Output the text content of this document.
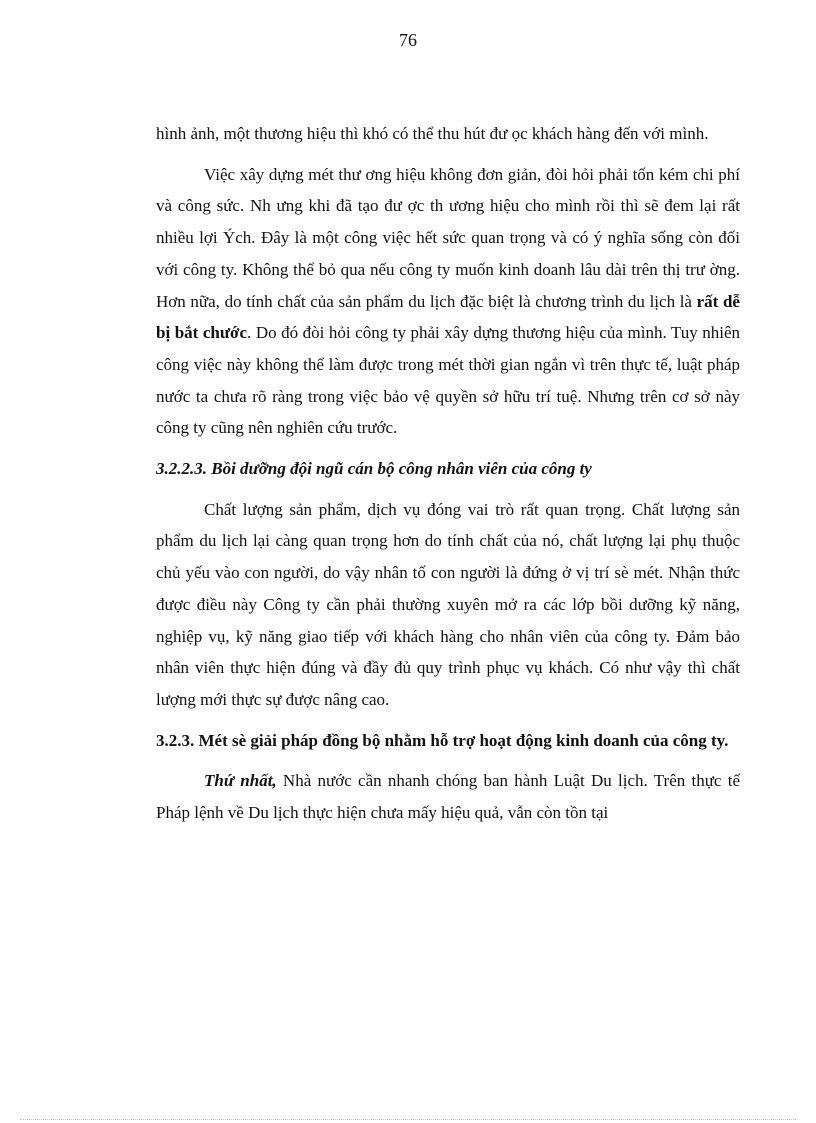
76

hình ảnh, một thương hiệu thì khó có thể thu hút đư ọc khách hàng đến với mình.

Việc xây dựng mét thư ơng hiệu không đơn giản, đòi hỏi phải tốn kém chi phí và công sức. Nh ưng khi đã tạo đư ợc th ương hiệu cho mình rồi thì sẽ đem lại rất nhiều lợi Ých. Đây là một công việc hết sức quan trọng và có ý nghĩa sống còn đối với công ty. Không thể bỏ qua nếu công ty muốn kinh doanh lâu dài trên thị trư ờng. Hơn nữa, do tính chất của sản phẩm du lịch đặc biệt là chương trình du lịch là rất dễ bị bắt chước. Do đó đòi hỏi công ty phải xây dựng thương hiệu của mình. Tuy nhiên công việc này không thể làm được trong mét thời gian ngắn vì trên thực tế, luật pháp nước ta chưa rõ ràng trong việc bảo vệ quyền sở hữu trí tuệ. Nhưng trên cơ sở này công ty cũng nên nghiên cứu trước.

3.2.2.3. Bồi dưỡng đội ngũ cán bộ công nhân viên của công ty

Chất lượng sản phẩm, dịch vụ đóng vai trò rất quan trọng. Chất lượng sản phẩm du lịch lại càng quan trọng hơn do tính chất của nó, chất lượng lại phụ thuộc chủ yếu vào con người, do vậy nhân tố con người là đứng ở vị trí sè mét. Nhận thức được điều này Công ty cần phải thường xuyên mở ra các lớp bồi dưỡng kỹ năng, nghiệp vụ, kỹ năng giao tiếp với khách hàng cho nhân viên của công ty. Đảm bảo nhân viên thực hiện đúng và đầy đủ quy trình phục vụ khách. Có như vậy thì chất lượng mới thực sự được nâng cao.

3.2.3. Mét sè giải pháp đồng bộ nhằm hỗ trợ hoạt động kinh doanh của công ty.

Thứ nhất, Nhà nước cần nhanh chóng ban hành Luật Du lịch. Trên thực tế Pháp lệnh về Du lịch thực hiện chưa mấy hiệu quả, vẫn còn tồn tại
